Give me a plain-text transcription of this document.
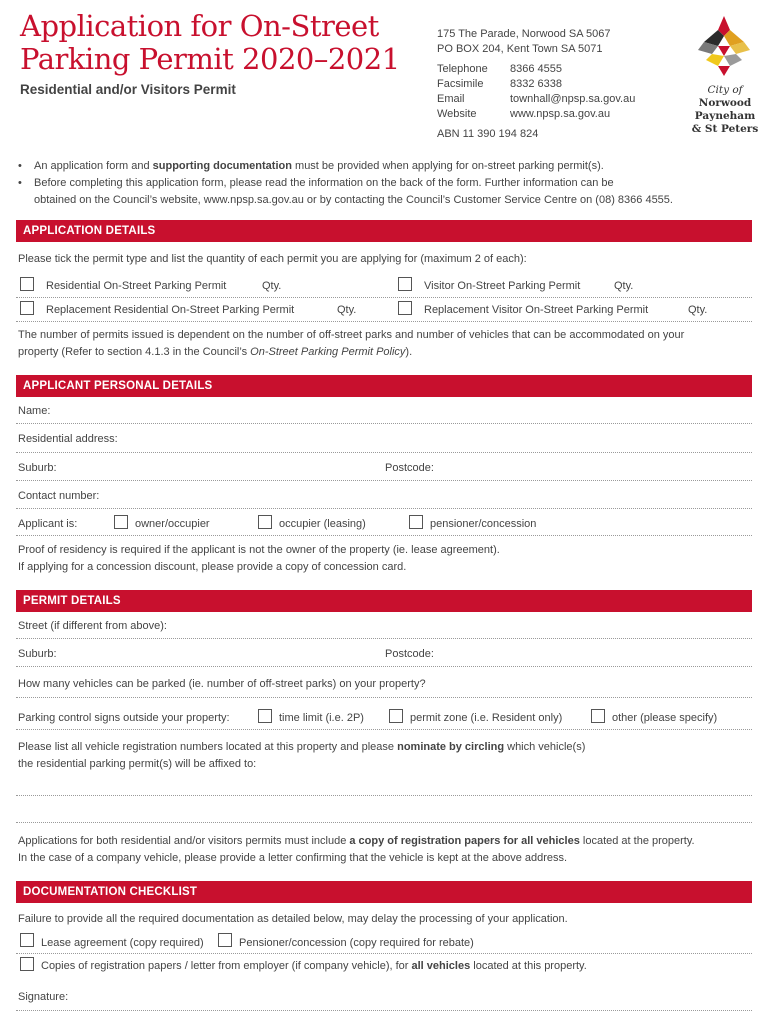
Application for On-Street
Parking Permit 2020–2021
Residential and/or Visitors Permit
175 The Parade, Norwood SA 5067
PO BOX 204, Kent Town SA 5071
Telephone	8366 4555
Facsimile	8332 6338
Email	townhall@npsp.sa.gov.au
Website	www.npsp.sa.gov.au
ABN 11 390 194 824
City of
Norwood
Payneham
& St Peters
•	An application form and supporting documentation must be provided when applying for on-street parking permit(s).
•	Before completing this application form, please read the information on the back of the form. Further information can be
obtained on the Council’s website, www.npsp.sa.gov.au or by contacting the Council’s Customer Service Centre on (08) 8366 4555.
APPLICATION DETAILS
Please tick the permit type and list the quantity of each permit you are applying for (maximum 2 of each):
Residential On-Street Parking Permit	Qty.	Visitor On-Street Parking Permit	Qty.
Replacement Residential On-Street Parking Permit	Qty.	Replacement Visitor On-Street Parking Permit	Qty.
The number of permits issued is dependent on the number of off-street parks and number of vehicles that can be accommodated on your
property (Refer to section 4.1.3 in the Council’s On-Street Parking Permit Policy).
APPLICANT PERSONAL DETAILS
Name:
Residential address:
Suburb:	Postcode:
Contact number:
Applicant is:	owner/occupier	occupier (leasing)	pensioner/concession
Proof of residency is required if the applicant is not the owner of the property (ie. lease agreement).
If applying for a concession discount, please provide a copy of concession card.
PERMIT DETAILS
Street (if different from above):
Suburb:	Postcode:
How many vehicles can be parked (ie. number of off-street parks) on your property?
Parking control signs outside your property:	time limit (i.e. 2P)	permit zone (i.e. Resident only)	other (please specify)
Please list all vehicle registration numbers located at this property and please nominate by circling which vehicle(s)
the residential parking permit(s) will be affixed to:
Applications for both residential and/or visitors permits must include a copy of registration papers for all vehicles located at the property.
In the case of a company vehicle, please provide a letter confirming that the vehicle is kept at the above address.
DOCUMENTATION CHECKLIST
Failure to provide all the required documentation as detailed below, may delay the processing of your application.
Lease agreement (copy required)	Pensioner/concession (copy required for rebate)
Copies of registration papers / letter from employer (if company vehicle), for all vehicles located at this property.
Signature:
